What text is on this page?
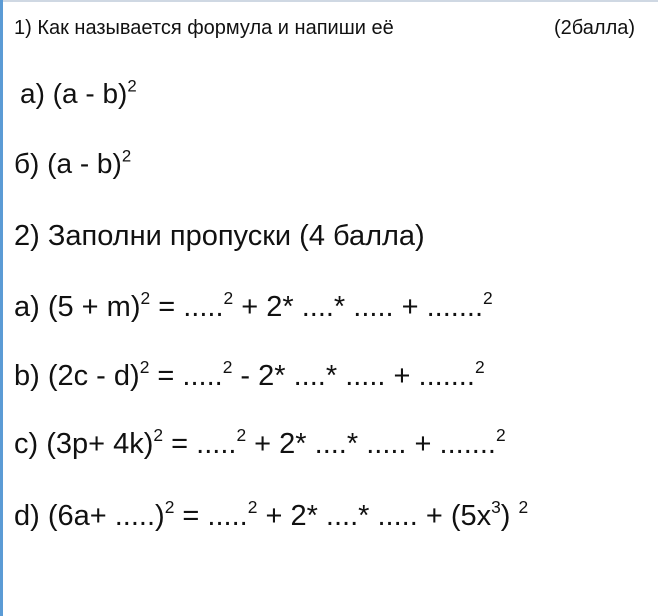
1) Как называется формула и напиши её	(2балла)
а) (a - b)$^2$
б) (a - b)$^2$
2) Заполни пропуски (4 балла)
a) $(5 + m)^2 = .....^2 + 2*$ ....* ..... + .......$^2$
b) (2c - d)$^2$ = .....$^2$ - 2* ....* ..... + .......$^2$
c) $(3p+ 4k)^2 = .....^2 + 2*$ ....* ..... + .......$^2$
d) (6a+ .....)$^2$ = .....$^2$ + 2* ....* ..... + $(5x^3)$ $^2$
